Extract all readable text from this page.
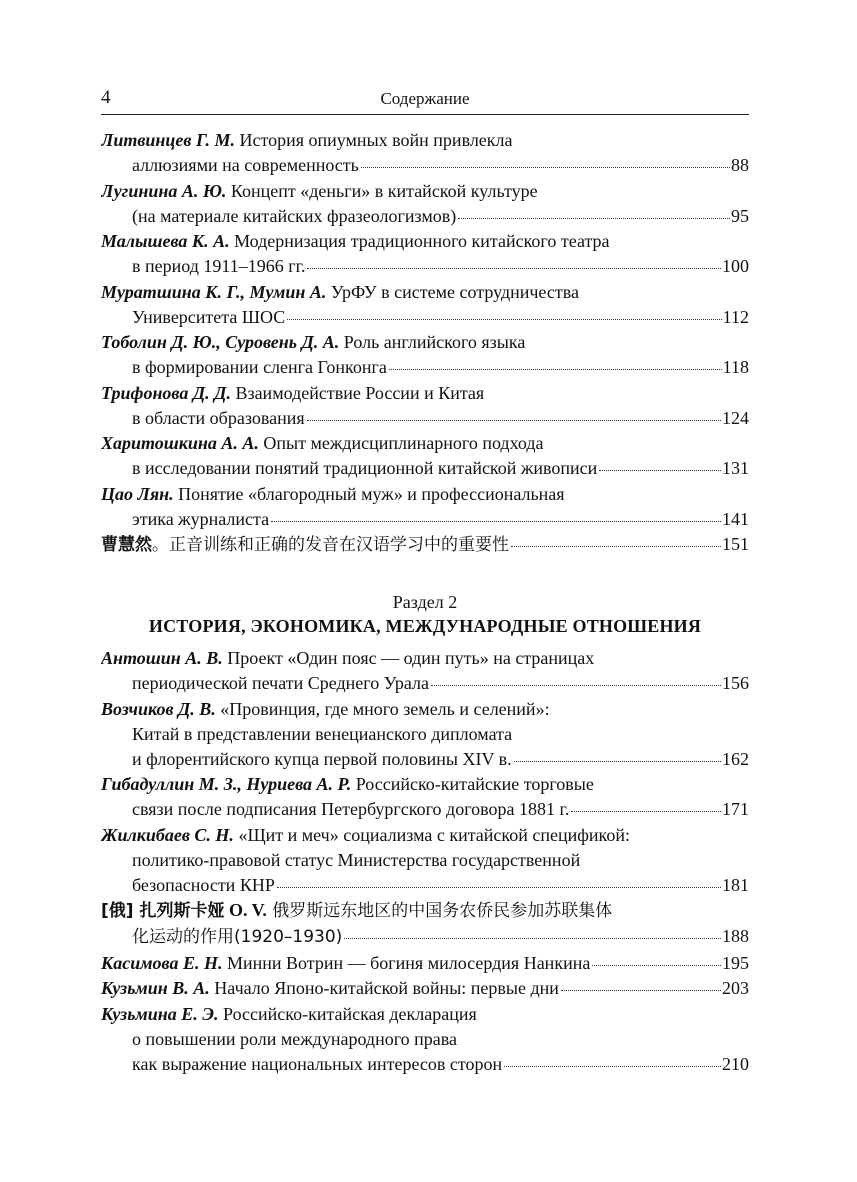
4	Содержание
Литвинцев Г. М. История опиумных войн привлекла
аллюзиями на современность	88
Лугинина А. Ю. Концепт «деньги» в китайской культуре
(на материале китайских фразеологизмов)	95
Малышева К. А. Модернизация традиционного китайского театра
в период 1911–1966 гг.	100
Муратшина К. Г., Мумин А. УрФУ в системе сотрудничества
Университета ШОС	112
Тоболин Д. Ю., Суровень Д. А. Роль английского языка
в формировании сленга Гонконга	118
Трифонова Д. Д. Взаимодействие России и Китая
в области образования	124
Харитошкина А. А. Опыт междисциплинарного подхода
в исследовании понятий традиционной китайской живописи	131
Цао Лян. Понятие «благородный муж» и профессиональная
этика журналиста	141
曹慧然。正音训练和正确的发音在汉语学习中的重要性	151
Раздел 2
ИСТОРИЯ, ЭКОНОМИКА, МЕЖДУНАРОДНЫЕ ОТНОШЕНИЯ
Антошин А. В. Проект «Один пояс — один путь» на страницах
периодической печати Среднего Урала	156
Возчиков Д. В. «Провинция, где много земель и селений»:
Китай в представлении венецианского дипломата
и флорентийского купца первой половины XIV в.	162
Гибадуллин М. З., Нуриева А. Р. Российско-китайские торговые
связи после подписания Петербургского договора 1881 г.	171
Жилкибаев С. Н. «Щит и меч» социализма с китайской спецификой:
политико-правовой статус Министерства государственной
безопасности КНР	181
[俄] 扎列斯卡娅 O. V. 俄罗斯远东地区的中国务农侨民参加苏联集体
化运动的作用(1920–1930)	188
Касимова Е. Н. Минни Вотрин — богиня милосердия Нанкина	195
Кузьмин В. А. Начало Японо-китайской войны: первые дни	203
Кузьмина Е. Э. Российско-китайская декларация
о повышении роли международного права
как выражение национальных интересов сторон	210
